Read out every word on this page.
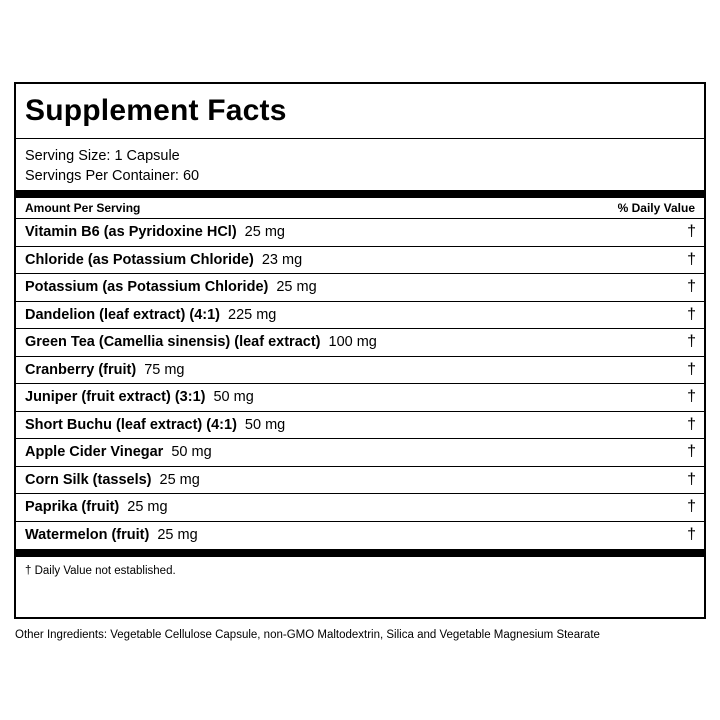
Supplement Facts
Serving Size: 1 Capsule
Servings Per Container: 60
Amount Per Serving	% Daily Value
Vitamin B6 (as Pyridoxine HCl) 25 mg	†
Chloride (as Potassium Chloride) 23 mg	†
Potassium (as Potassium Chloride) 25 mg	†
Dandelion (leaf extract) (4:1) 225 mg	†
Green Tea (Camellia sinensis) (leaf extract) 100 mg	†
Cranberry (fruit) 75 mg	†
Juniper (fruit extract) (3:1) 50 mg	†
Short Buchu (leaf extract) (4:1) 50 mg	†
Apple Cider Vinegar 50 mg	†
Corn Silk (tassels) 25 mg	†
Paprika (fruit) 25 mg	†
Watermelon (fruit) 25 mg	†
† Daily Value not established.
Other Ingredients: Vegetable Cellulose Capsule, non-GMO Maltodextrin, Silica and Vegetable Magnesium Stearate
